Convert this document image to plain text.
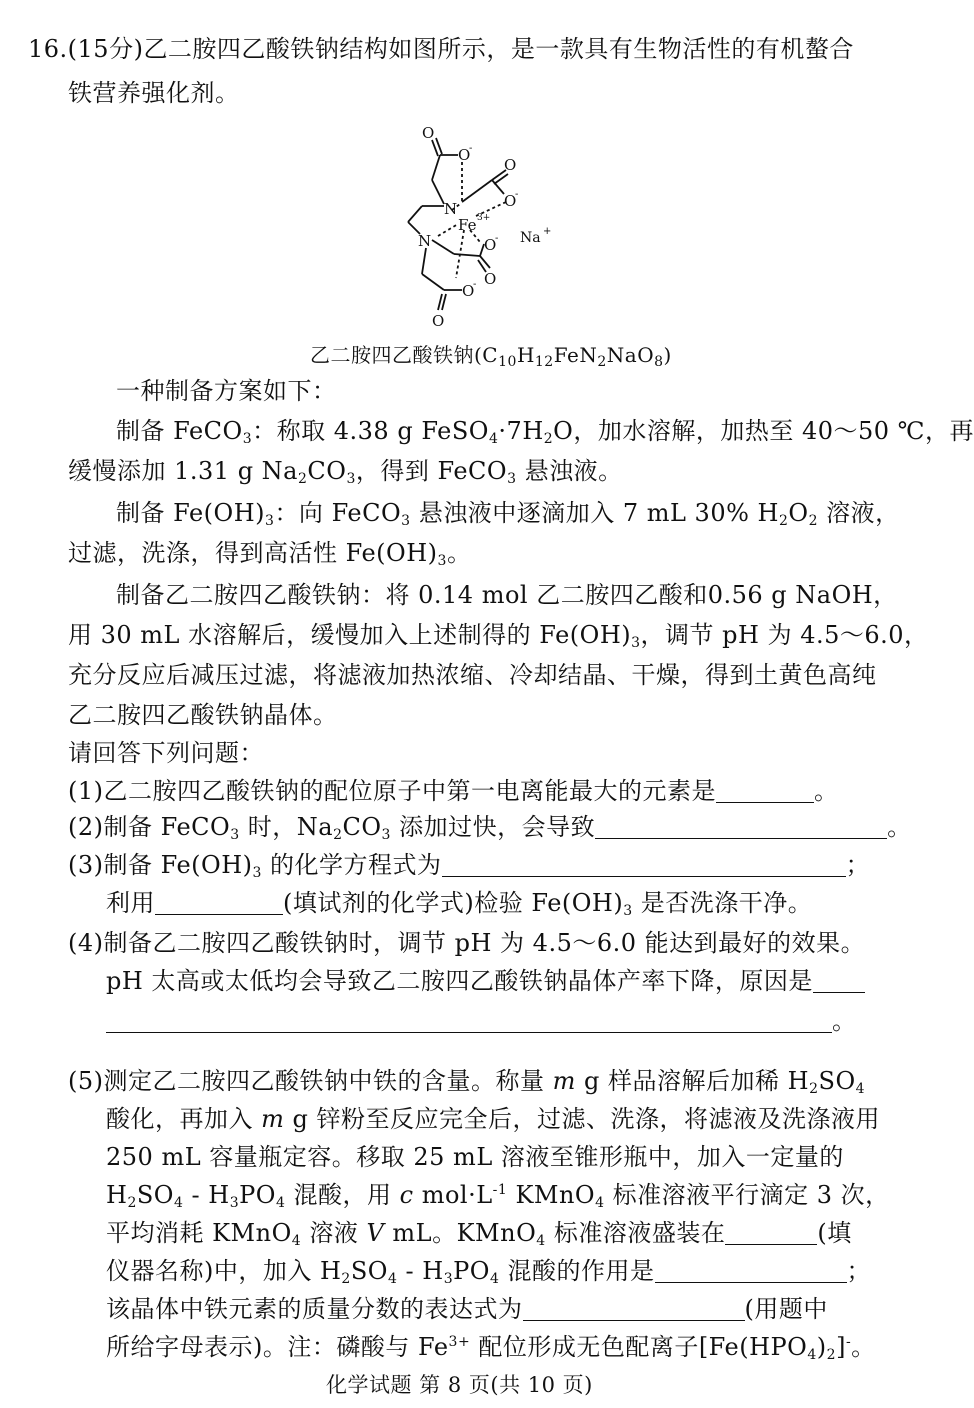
16.(15分)乙二胺四乙酸铁钠结构如图所示，是一款具有生物活性的有机螯合
铁营养强化剂。
O
O
-
O
O
-
N
Fe 3+
N	O
-
O
O
-
O
Na +
乙二胺四乙酸铁钠$(C_{10}H_{12}FeN_2NaO_8)$
一种制备方案如下：
制备 FeCO$_3$：称取 4.38 g $FeSO_4\cdot 7H_2O$，加水溶解，加热至 40～50 ℃，再
缓慢添加 1.31 g $Na_2CO_3$，得到 FeCO$_3$ 悬浊液。
制备 $Fe(OH)_3$：向 FeCO$_3$ 悬浊液中逐滴加入 7 mL 30% $H_2O_2$ 溶液，
过滤，洗涤，得到高活性 $Fe(OH)_3$。
制备乙二胺四乙酸铁钠：将 0.14 mol 乙二胺四乙酸和0.56 g NaOH，
用 30 mL 水溶解后，缓慢加入上述制得的 $Fe(OH)_3$，调节 pH 为 4.5～6.0，
充分反应后减压过滤，将滤液加热浓缩、冷却结晶、干燥，得到土黄色高纯
乙二胺四乙酸铁钠晶体。
请回答下列问题：
(1)乙二胺四乙酸铁钠的配位原子中第一电离能最大的元素是	。
(2)制备 FeCO$_3$ 时，$Na_2CO_3$ 添加过快，会导致	。
(3)制备 $Fe(OH)_3$ 的化学方程式为	；
利用	(填试剂的化学式)检验 $Fe(OH)_3$ 是否洗涤干净。
(4)制备乙二胺四乙酸铁钠时，调节 pH 为 4.5～6.0 能达到最好的效果。
pH 太高或太低均会导致乙二胺四乙酸铁钠晶体产率下降，原因是
。
(5)测定乙二胺四乙酸铁钠中铁的含量。称量 m g 样品溶解后加稀 $H_2SO_4$
酸化，再加入 m g 锌粉至反应完全后，过滤、洗涤，将滤液及洗涤液用
250 mL 容量瓶定容。移取 25 mL 溶液至锥形瓶中，加入一定量的
$H_2SO_4 - H_3PO_4$ 混酸，用 c $mol\cdot L^{-1}$ KMnO$_4$ 标准溶液平行滴定 3 次，
平均消耗 KMnO$_4$ 溶液 V mL。KMnO$_4$ 标准溶液盛装在	(填
仪器名称)中，加入 $H_2SO_4 - H_3PO_4$ 混酸的作用是	；
该晶体中铁元素的质量分数的表达式为	(用题中
所给字母表示)。注：磷酸与 $Fe^{3+}$ 配位形成无色配离子$[Fe(HPO_4)_2]^-$。
化学试题 第 8 页(共 10 页)
